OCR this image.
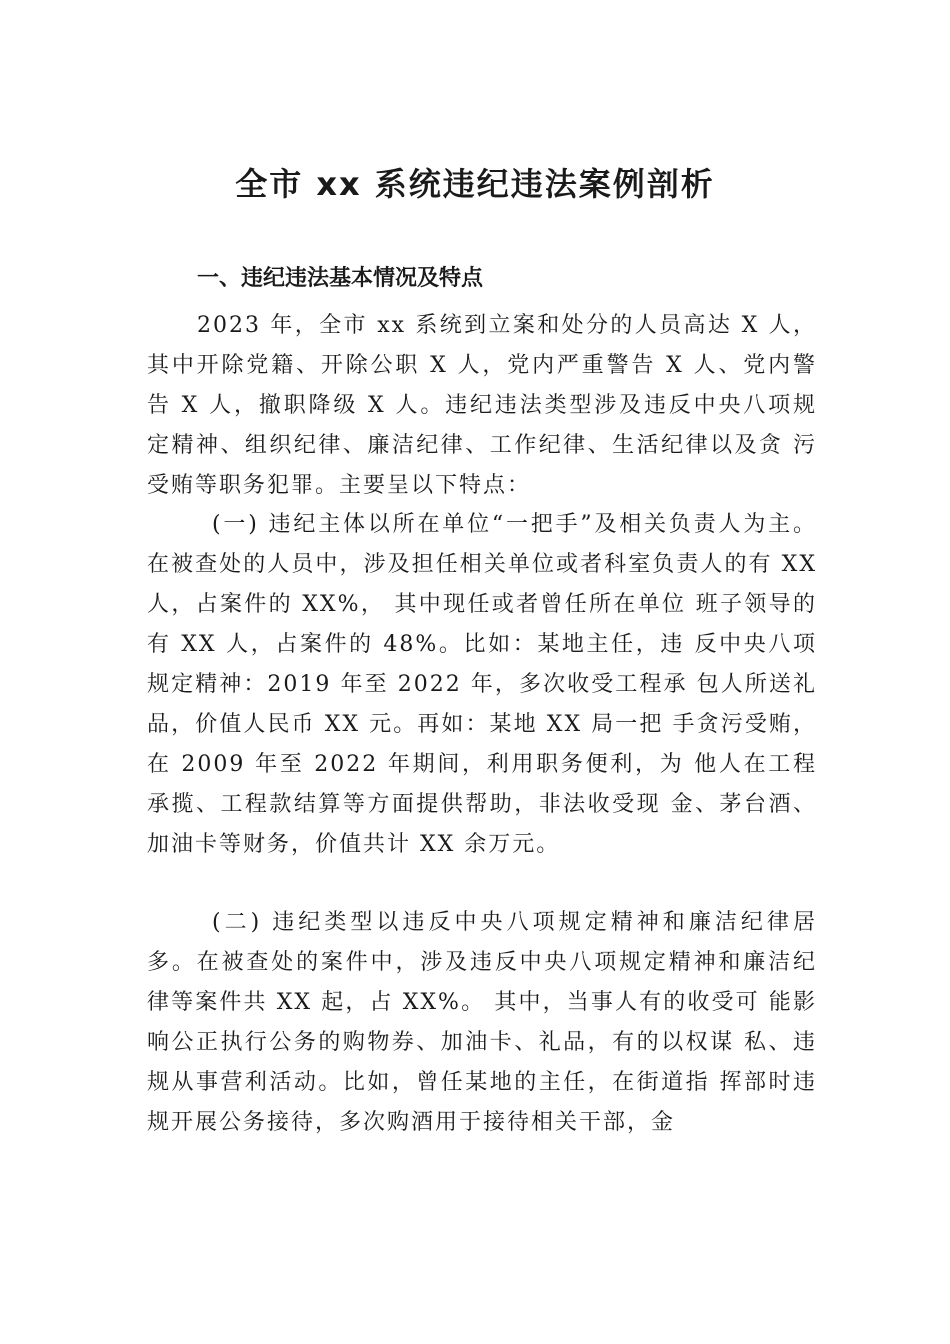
全市 xx 系统违纪违法案例剖析
一、违纪违法基本情况及特点

2023 年，全市 xx 系统到立案和处分的人员高达 X 人， 其中开除党籍、开除公职 X 人，党内严重警告 X 人、党内警 告 X 人，撤职降级 X 人。违纪违法类型涉及违反中央八项规 定精神、组织纪律、廉洁纪律、工作纪律、生活纪律以及贪 污受贿等职务犯罪。主要呈以下特点：

(一) 违纪主体以所在单位“一把手”及相关负责人为主。在被查处的人员中，涉及担任相关单位或者科室负责人的有 XX 人，占案件的 XX%， 其中现任或者曾任所在单位 班子领导的有 XX 人，占案件的 48%。比如：某地主任，违 反中央八项规定精神：2019 年至 2022 年，多次收受工程承 包人所送礼品，价值人民币 XX 元。再如：某地 XX 局一把 手贪污受贿，在 2009 年至 2022 年期间，利用职务便利，为 他人在工程承揽、工程款结算等方面提供帮助，非法收受现 金、茅台酒、加油卡等财务，价值共计 XX 余万元。

(二) 违纪类型以违反中央八项规定精神和廉洁纪律居多。在被查处的案件中，涉及违反中央八项规定精神和廉洁纪律等案件共 XX 起，占 XX%。 其中，当事人有的收受可 能影响公正执行公务的购物券、加油卡、礼品，有的以权谋 私、违规从事营利活动。比如，曾任某地的主任，在街道指 挥部时违规开展公务接待，多次购酒用于接待相关干部，金
